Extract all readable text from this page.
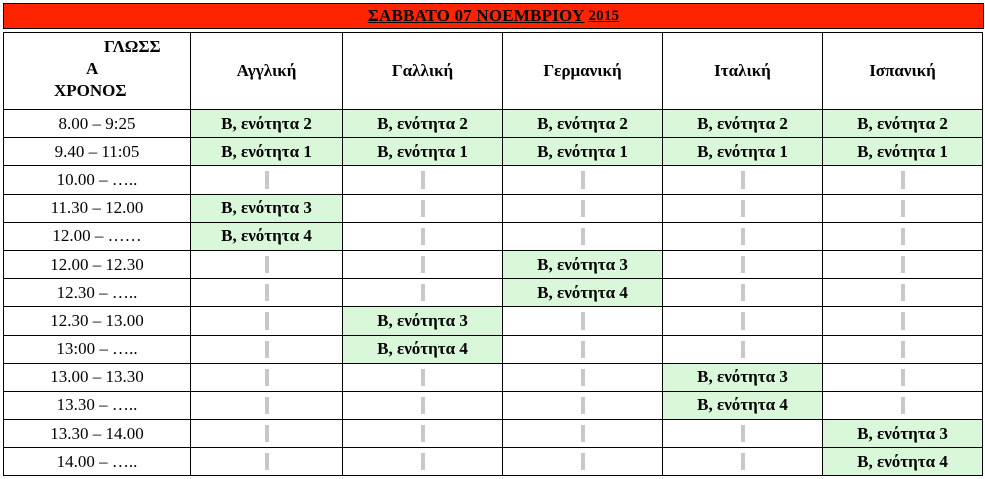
ΣΑΒΒΑΤΟ 07 ΝΟΕΜΒΡΙΟΥ 2015
ΓΛΩΣΣ
Α
ΧΡΟΝΟΣ	Αγγλική	Γαλλική	Γερμανική	Ιταλική	Ισπανική
8.00 – 9:25	Β, ενότητα 2	Β, ενότητα 2	Β, ενότητα 2	Β, ενότητα 2	Β, ενότητα 2
9.40 – 11:05	Β, ενότητα 1	Β, ενότητα 1	Β, ενότητα 1	Β, ενότητα 1	Β, ενότητα 1
10.00 – …..	

11.30 – 12.00	Β, ενότητα 3	

12.00 – ……	Β, ενότητα 4	

12.00 – 12.30			Β, ενότητα 3	

12.30 – …..			Β, ενότητα 4	

12.30 – 13.00		Β, ενότητα 3	

13:00 – …..		Β, ενότητα 4	

13.00 – 13.30				Β, ενότητα 3	

13.30 – …..				Β, ενότητα 4	

13.30 – 14.00					Β, ενότητα 3
14.00 – …..					Β, ενότητα 4
